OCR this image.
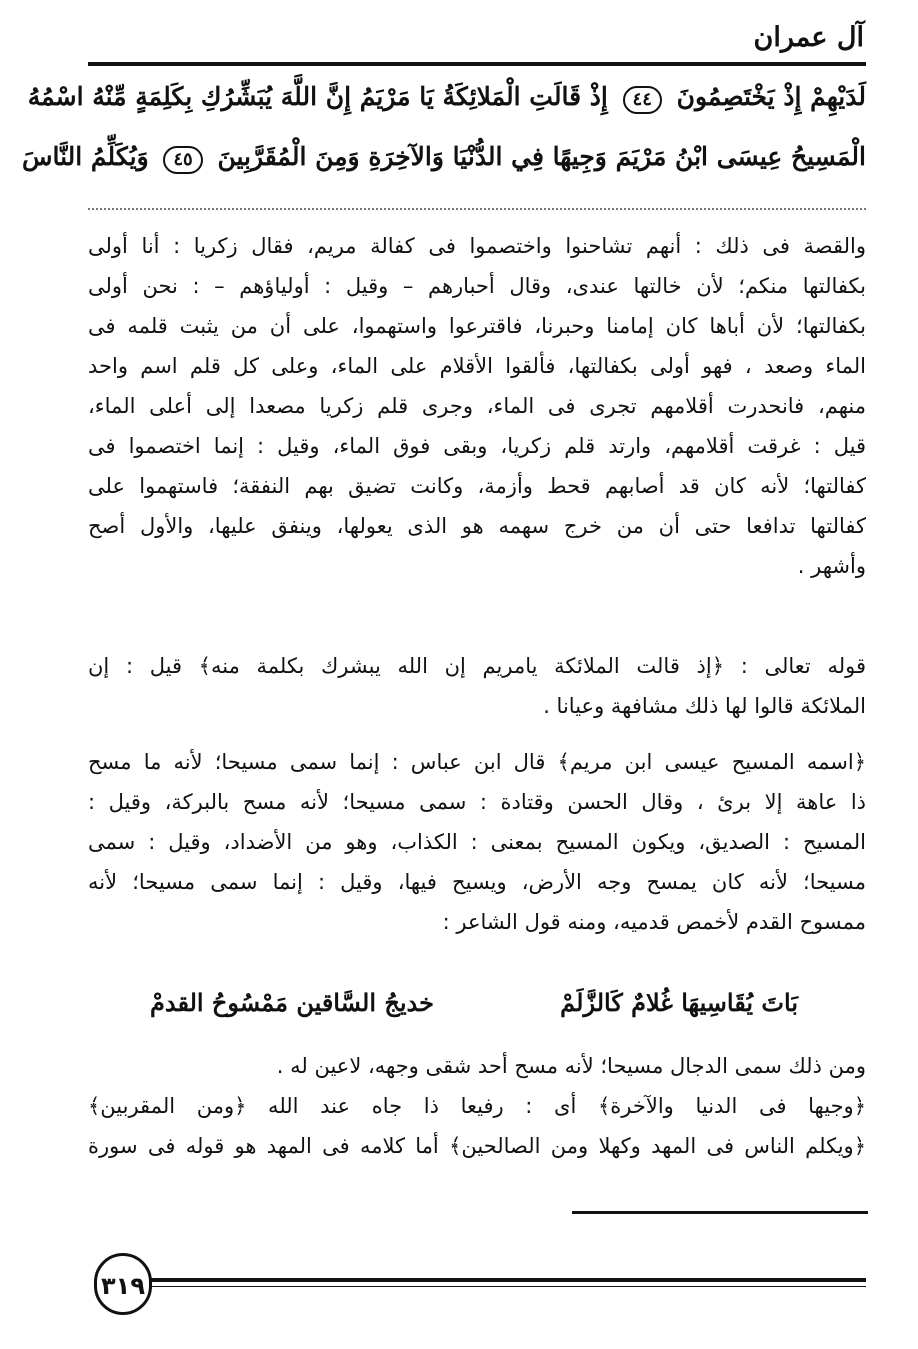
آل عمران
لَدَيْهِمْ إِذْ يَخْتَصِمُونَ ٤٤ إِذْ قَالَتِ الْمَلائِكَةُ يَا مَرْيَمُ إِنَّ اللَّهَ يُبَشِّرُكِ بِكَلِمَةٍ مِّنْهُ اسْمُهُ
الْمَسِيحُ عِيسَى ابْنُ مَرْيَمَ وَجِيهًا فِي الدُّنْيَا وَالآخِرَةِ وَمِنَ الْمُقَرَّبِينَ ٤٥ وَيُكَلِّمُ النَّاسَ
والقصة فى ذلك : أنهم تشاحنوا واختصموا فى كفالة مريم، فقال زكريا : أنا أولى
بكفالتها منكم؛ لأن خالتها عندى، وقال أحبارهم – وقيل : أولياؤهم – : نحن أولى
بكفالتها؛ لأن أباها كان إمامنا وحبرنا، فاقترعوا واستهموا، على أن من يثبت قلمه فى
الماء وصعد ، فهو أولى بكفالتها، فألقوا الأقلام على الماء، وعلى كل قلم اسم واحد
منهم، فانحدرت أقلامهم تجرى فى الماء، وجرى قلم زكريا مصعدا إلى أعلى الماء،
قيل : غرقت أقلامهم، وارتد قلم زكريا، وبقى فوق الماء، وقيل : إنما اختصموا فى
كفالتها؛ لأنه كان قد أصابهم قحط وأزمة، وكانت تضيق بهم النفقة؛ فاستهموا على
كفالتها تدافعا حتى أن من خرج سهمه هو الذى يعولها، وينفق عليها، والأول أصح
وأشهر .
قوله تعالى : ﴿إذ قالت الملائكة يامريم إن الله يبشرك بكلمة منه﴾ قيل : إن
الملائكة قالوا لها ذلك مشافهة وعيانا .
﴿اسمه المسيح عيسى ابن مريم﴾ قال ابن عباس : إنما سمى مسيحا؛ لأنه ما مسح
ذا عاهة إلا برئ ، وقال الحسن وقتادة : سمى مسيحا؛ لأنه مسح بالبركة، وقيل :
المسيح : الصديق، ويكون المسيح بمعنى : الكذاب، وهو من الأضداد، وقيل : سمى
مسيحا؛ لأنه كان يمسح وجه الأرض، ويسيح فيها، وقيل : إنما سمى مسيحا؛ لأنه
ممسوح القدم لأخمص قدميه، ومنه قول الشاعر :
بَاتَ يُقَاسِيهَا غُلامٌ كَالزَّلَمْ
خديجُ السَّاقين مَمْسُوحُ القدمْ
ومن ذلك سمى الدجال مسيحا؛ لأنه مسح أحد شقى وجهه، لاعين له .
﴿وجيها فى الدنيا والآخرة﴾ أى : رفيعا ذا جاه عند الله ﴿ومن المقربين﴾
﴿ويكلم الناس فى المهد وكهلا ومن الصالحين﴾ أما كلامه فى المهد هو قوله فى سورة
٣١٩
